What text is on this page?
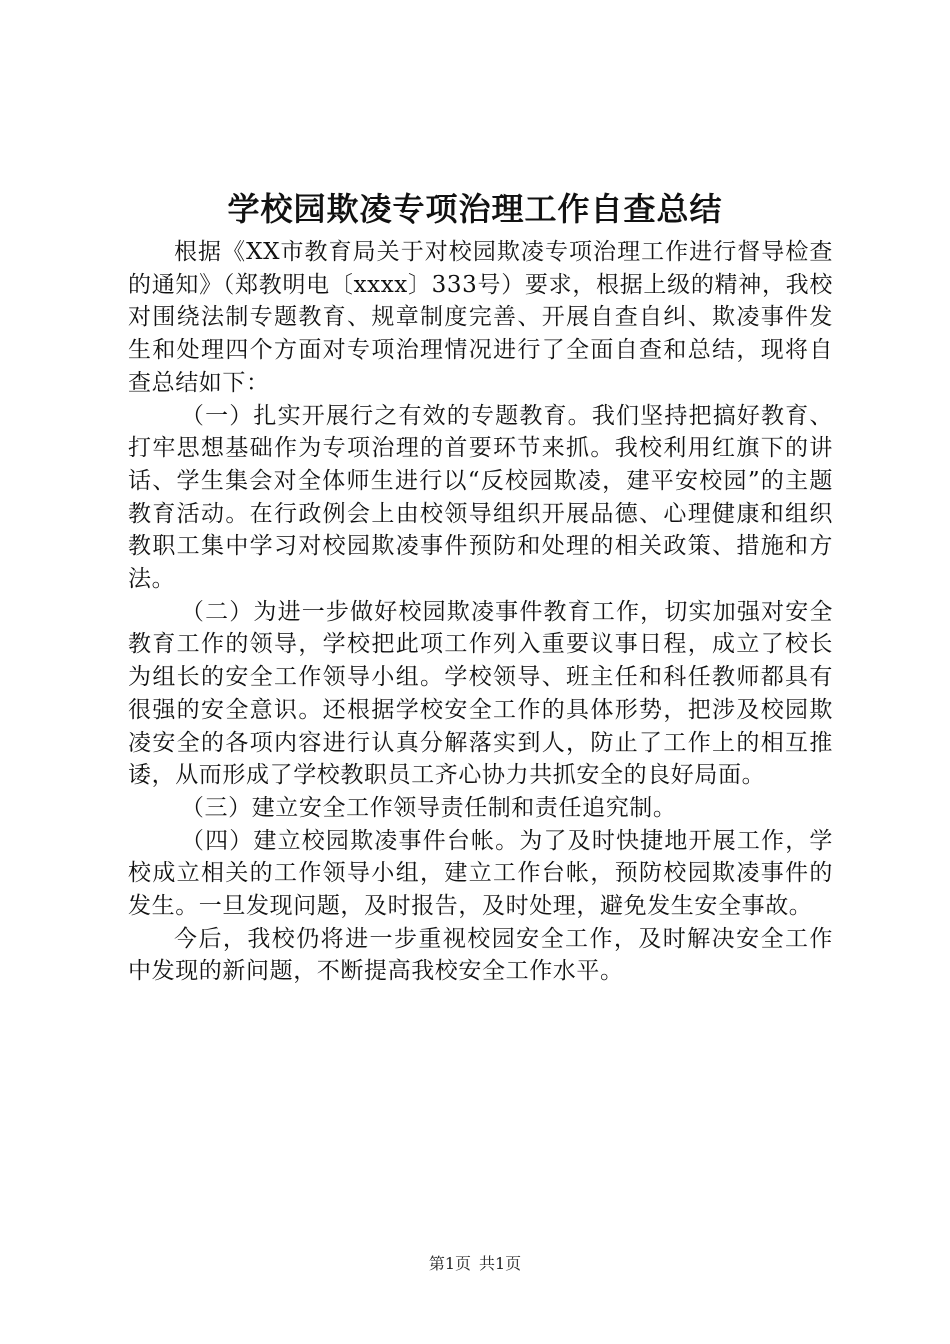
学校园欺凌专项治理工作自查总结

根据《XX市教育局关于对校园欺凌专项治理工作进行督导检查的通知》（郑教明电〔xxxx〕333号）要求，根据上级的精神，我校对围绕法制专题教育、规章制度完善、开展自查自纠、欺凌事件发生和处理四个方面对专项治理情况进行了全面自查和总结，现将自查总结如下：

（一）扎实开展行之有效的专题教育。我们坚持把搞好教育、打牢思想基础作为专项治理的首要环节来抓。我校利用红旗下的讲话、学生集会对全体师生进行以“反校园欺凌，建平安校园”的主题教育活动。在行政例会上由校领导组织开展品德、心理健康和组织教职工集中学习对校园欺凌事件预防和处理的相关政策、措施和方法。

（二）为进一步做好校园欺凌事件教育工作，切实加强对安全教育工作的领导，学校把此项工作列入重要议事日程，成立了校长为组长的安全工作领导小组。学校领导、班主任和科任教师都具有很强的安全意识。还根据学校安全工作的具体形势，把涉及校园欺凌安全的各项内容进行认真分解落实到人，防止了工作上的相互推诿，从而形成了学校教职员工齐心协力共抓安全的良好局面。

（三）建立安全工作领导责任制和责任追究制。

（四）建立校园欺凌事件台帐。为了及时快捷地开展工作，学校成立相关的工作领导小组，建立工作台帐，预防校园欺凌事件的发生。一旦发现问题，及时报告，及时处理，避免发生安全事故。

今后，我校仍将进一步重视校园安全工作，及时解决安全工作中发现的新问题，不断提高我校安全工作水平。

第1页 共1页
